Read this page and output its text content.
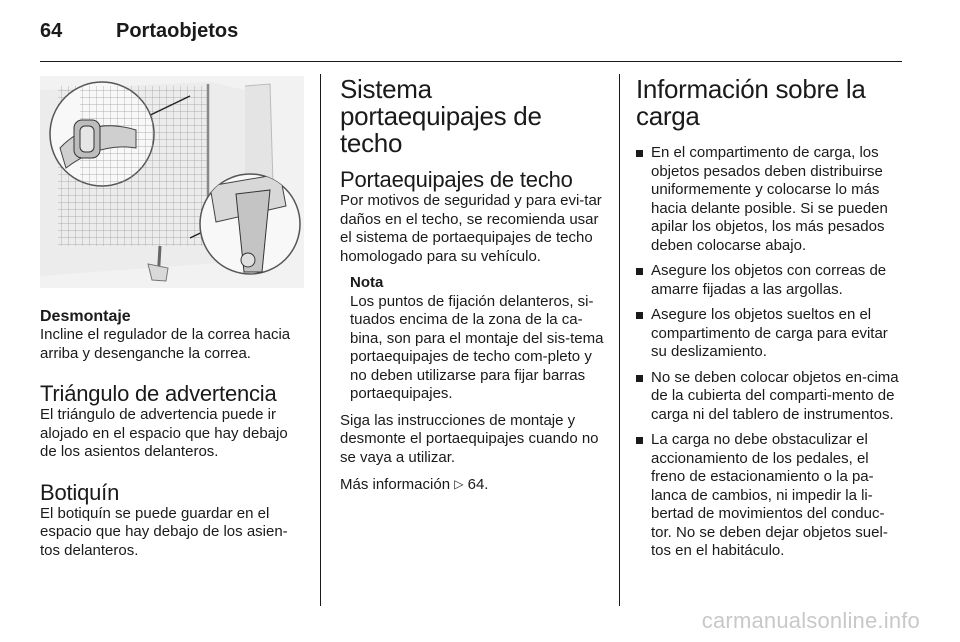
64	Portaobjetos
Desmontaje

Incline el regulador de la correa hacia arriba y desenganche la correa.

Triángulo de advertencia

El triángulo de advertencia puede ir alojado en el espacio que hay debajo de los asientos delanteros.

Botiquín

El botiquín se puede guardar en el espacio que hay debajo de los asien-tos delanteros.

Sistema portaequipajes de techo
Portaequipajes de techo

Por motivos de seguridad y para evi-tar daños en el techo, se recomienda usar el sistema de portaequipajes de techo homologado para su vehículo.

Nota

Los puntos de fijación delanteros, si-tuados encima de la zona de la ca-bina, son para el montaje del sis-tema portaequipajes de techo com-pleto y no deben utilizarse para fijar barras portaequipajes.

Siga las instrucciones de montaje y desmonte el portaequipajes cuando no se vaya a utilizar.

Más información ▷ 64.

Información sobre la carga
En el compartimento de carga, los objetos pesados deben distribuirse uniformemente y colocarse lo más hacia delante posible. Si se pueden apilar los objetos, los más pesados deben colocarse abajo.
Asegure los objetos con correas de amarre fijadas a las argollas.
Asegure los objetos sueltos en el compartimento de carga para evitar su deslizamiento.
No se deben colocar objetos en-cima de la cubierta del comparti-mento de carga ni del tablero de instrumentos.
La carga no debe obstaculizar el accionamiento de los pedales, el freno de estacionamiento o la pa-lanca de cambios, ni impedir la li-bertad de movimientos del conduc-tor. No se deben dejar objetos suel-tos en el habitáculo.
carmanualsonline.info
